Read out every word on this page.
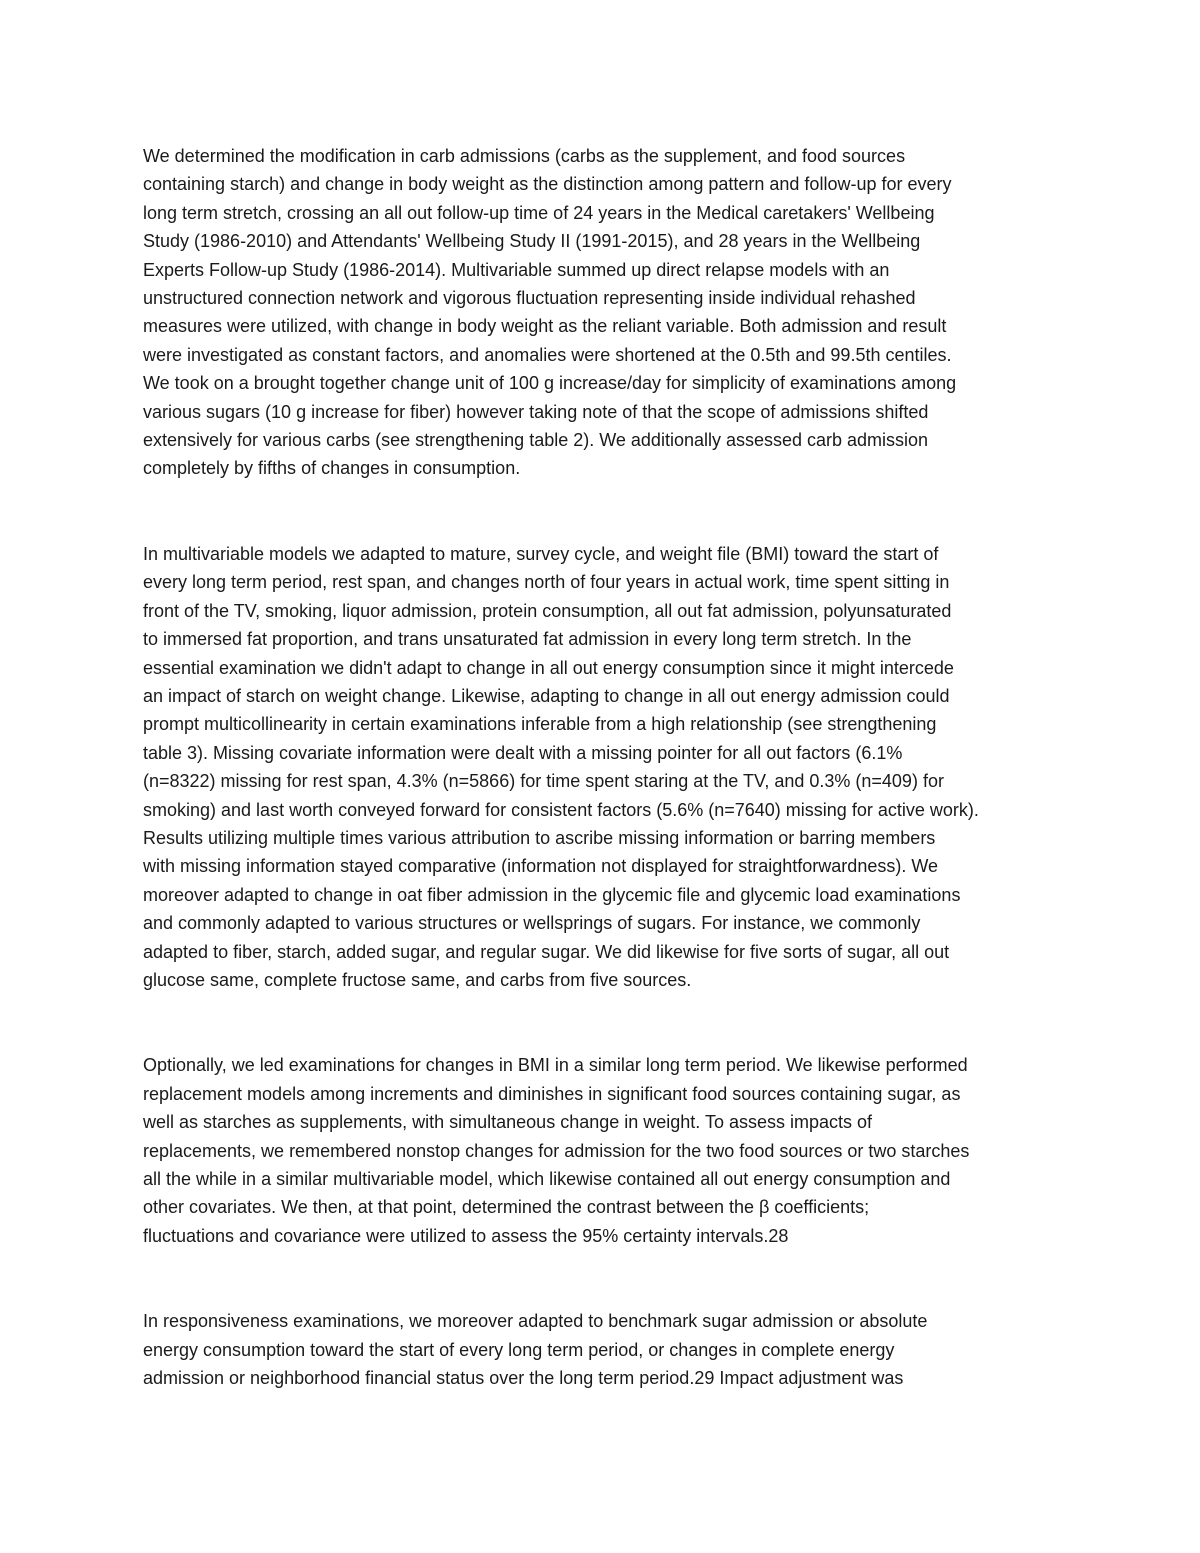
We determined the modification in carb admissions (carbs as the supplement, and food sources
containing starch) and change in body weight as the distinction among pattern and follow-up for every
long term stretch, crossing an all out follow-up time of 24 years in the Medical caretakers' Wellbeing
Study (1986-2010) and Attendants' Wellbeing Study II (1991-2015), and 28 years in the Wellbeing
Experts Follow-up Study (1986-2014). Multivariable summed up direct relapse models with an
unstructured connection network and vigorous fluctuation representing inside individual rehashed
measures were utilized, with change in body weight as the reliant variable. Both admission and result
were investigated as constant factors, and anomalies were shortened at the 0.5th and 99.5th centiles.
We took on a brought together change unit of 100 g increase/day for simplicity of examinations among
various sugars (10 g increase for fiber) however taking note of that the scope of admissions shifted
extensively for various carbs (see strengthening table 2). We additionally assessed carb admission
completely by fifths of changes in consumption.

In multivariable models we adapted to mature, survey cycle, and weight file (BMI) toward the start of
every long term period, rest span, and changes north of four years in actual work, time spent sitting in
front of the TV, smoking, liquor admission, protein consumption, all out fat admission, polyunsaturated
to immersed fat proportion, and trans unsaturated fat admission in every long term stretch. In the
essential examination we didn't adapt to change in all out energy consumption since it might intercede
an impact of starch on weight change. Likewise, adapting to change in all out energy admission could
prompt multicollinearity in certain examinations inferable from a high relationship (see strengthening
table 3). Missing covariate information were dealt with a missing pointer for all out factors (6.1%
(n=8322) missing for rest span, 4.3% (n=5866) for time spent staring at the TV, and 0.3% (n=409) for
smoking) and last worth conveyed forward for consistent factors (5.6% (n=7640) missing for active work).
Results utilizing multiple times various attribution to ascribe missing information or barring members
with missing information stayed comparative (information not displayed for straightforwardness). We
moreover adapted to change in oat fiber admission in the glycemic file and glycemic load examinations
and commonly adapted to various structures or wellsprings of sugars. For instance, we commonly
adapted to fiber, starch, added sugar, and regular sugar. We did likewise for five sorts of sugar, all out
glucose same, complete fructose same, and carbs from five sources.

Optionally, we led examinations for changes in BMI in a similar long term period. We likewise performed
replacement models among increments and diminishes in significant food sources containing sugar, as
well as starches as supplements, with simultaneous change in weight. To assess impacts of
replacements, we remembered nonstop changes for admission for the two food sources or two starches
all the while in a similar multivariable model, which likewise contained all out energy consumption and
other covariates. We then, at that point, determined the contrast between the β coefficients;
fluctuations and covariance were utilized to assess the 95% certainty intervals.28

In responsiveness examinations, we moreover adapted to benchmark sugar admission or absolute
energy consumption toward the start of every long term period, or changes in complete energy
admission or neighborhood financial status over the long term period.29 Impact adjustment was
